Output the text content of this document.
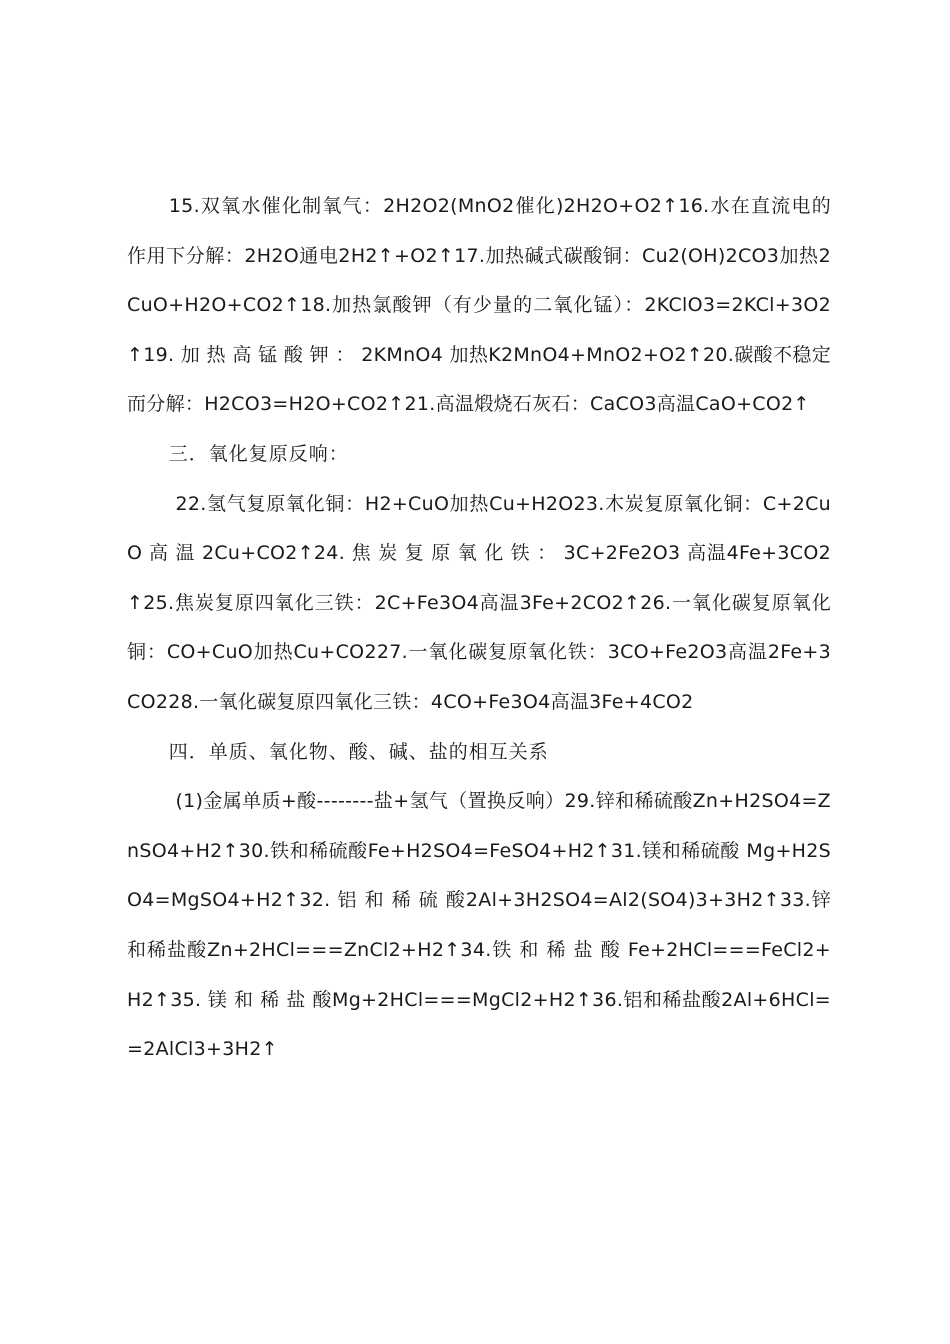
15.双氧水催化制氧气：2H2O2(MnO2催化)2H2O+O2↑16.水在直流电的作用下分解：2H2O通电2H2↑+O2↑17.加热碱式碳酸铜：Cu2(OH)2CO3加热2CuO+H2O+CO2↑18.加热氯酸钾（有少量的二氧化锰）：2KClO3=2KCl+3O2↑19. 加 热 高 锰 酸 钾 ： 2KMnO4 加热K2MnO4+MnO2+O2↑20.碳酸不稳定而分解：H2CO3=H2O+CO2↑21.高温煅烧石灰石：CaCO3高温CaO+CO2↑

三．氧化复原反响：

22.氢气复原氧化铜：H2+CuO加热Cu+H2O23.木炭复原氧化铜：C+2CuO 高 温 2Cu+CO2↑24. 焦 炭 复 原 氧 化 铁 ： 3C+2Fe2O3 高温4Fe+3CO2↑25.焦炭复原四氧化三铁：2C+Fe3O4高温3Fe+2CO2↑26.一氧化碳复原氧化铜：CO+CuO加热Cu+CO227.一氧化碳复原氧化铁：3CO+Fe2O3高温2Fe+3CO228.一氧化碳复原四氧化三铁：4CO+Fe3O4高温3Fe+4CO2

四．单质、氧化物、酸、碱、盐的相互关系

(1)金属单质+酸--------盐+氢气（置换反响）29.锌和稀硫酸Zn+H2SO4=ZnSO4+H2↑30.铁和稀硫酸Fe+H2SO4=FeSO4+H2↑31.镁和稀硫酸 Mg+H2SO4=MgSO4+H2↑32. 铝 和 稀 硫 酸2Al+3H2SO4=Al2(SO4)3+3H2↑33.锌和稀盐酸Zn+2HCl===ZnCl2+H2↑34.铁 和 稀 盐 酸 Fe+2HCl===FeCl2+H2↑35. 镁 和 稀 盐 酸Mg+2HCl===MgCl2+H2↑36.铝和稀盐酸2Al+6HCl==2AlCl3+3H2↑
